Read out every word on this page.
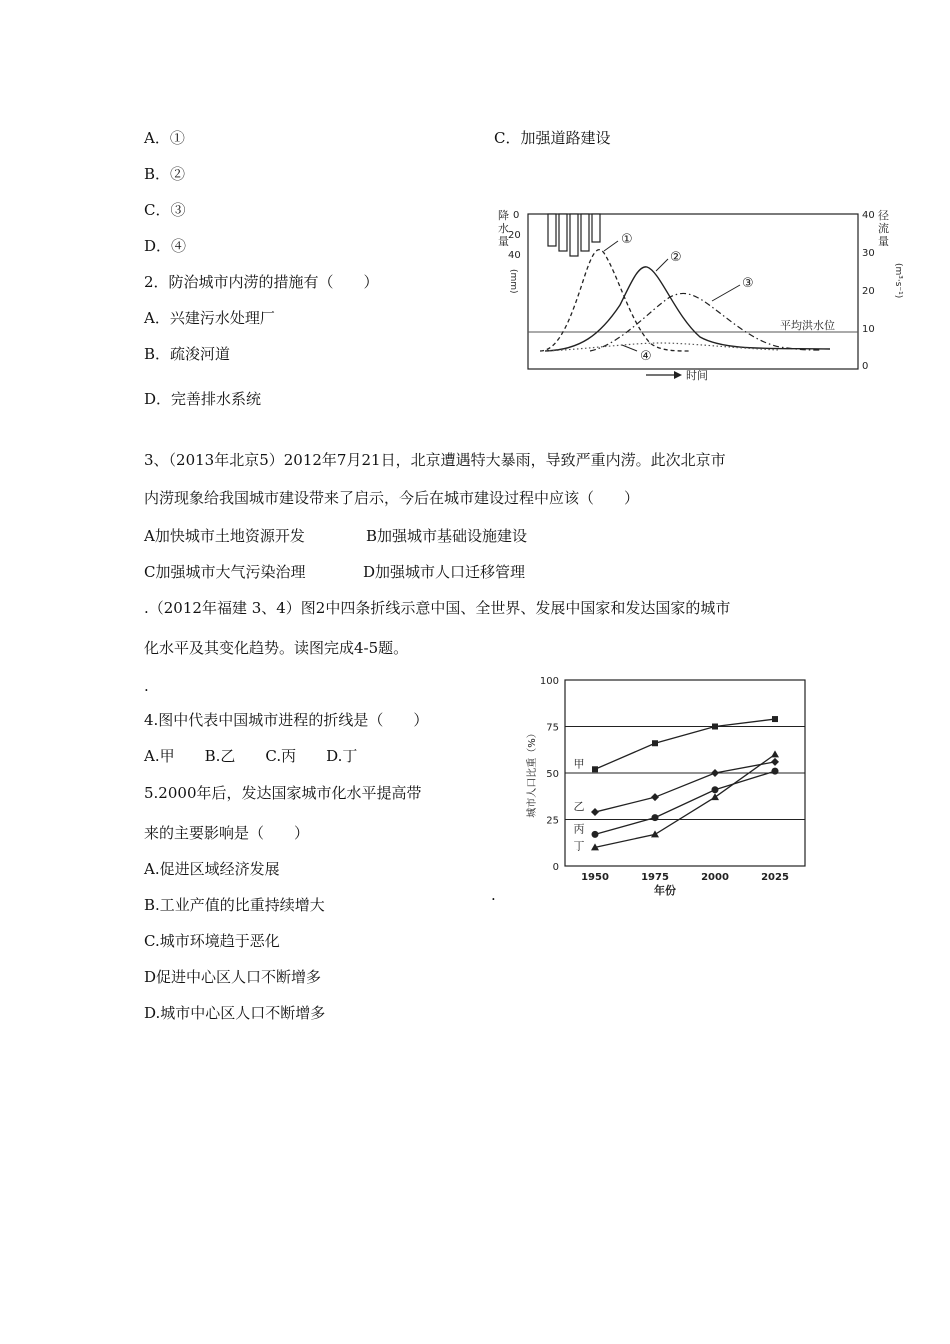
A．①
B．②
C．③
D．④
2．防治城市内涝的措施有（　　）
A．兴建污水处理厂
B．疏浚河道
C．加强道路建设
D．完善排水系统
降水量
(mm)
0
20
40
40
30
20
10
0
径流量
(m³·s⁻¹)
平均洪水位
①
②
③
④
时间
3、（2013年北京5）2012年7月21日，北京遭遇特大暴雨，导致严重内涝。此次北京市
内涝现象给我国城市建设带来了启示，今后在城市建设过程中应该（　　）
A加快城市土地资源开发	B加强城市基础设施建设
C加强城市大气污染治理	D加强城市人口迁移管理
.（2012年福建 3、4）图2中四条折线示意中国、全世界、发展中国家和发达国家的城市
化水平及其变化趋势。读图完成4-5题。
.
4.图中代表中国城市进程的折线是（　　）
A.甲　　B.乙　　C.丙　　D.丁
5.2000年后，发达国家城市化水平提高带
来的主要影响是（　　）
A.促进区域经济发展
B.工业产值的比重持续增大
C.城市环境趋于恶化
D促进中心区人口不断增多
D.城市中心区人口不断增多
.
0
25
50
75
100
1950	1975	2000	2025
年份
城市人口比重（%）	甲
乙
丙
丁
